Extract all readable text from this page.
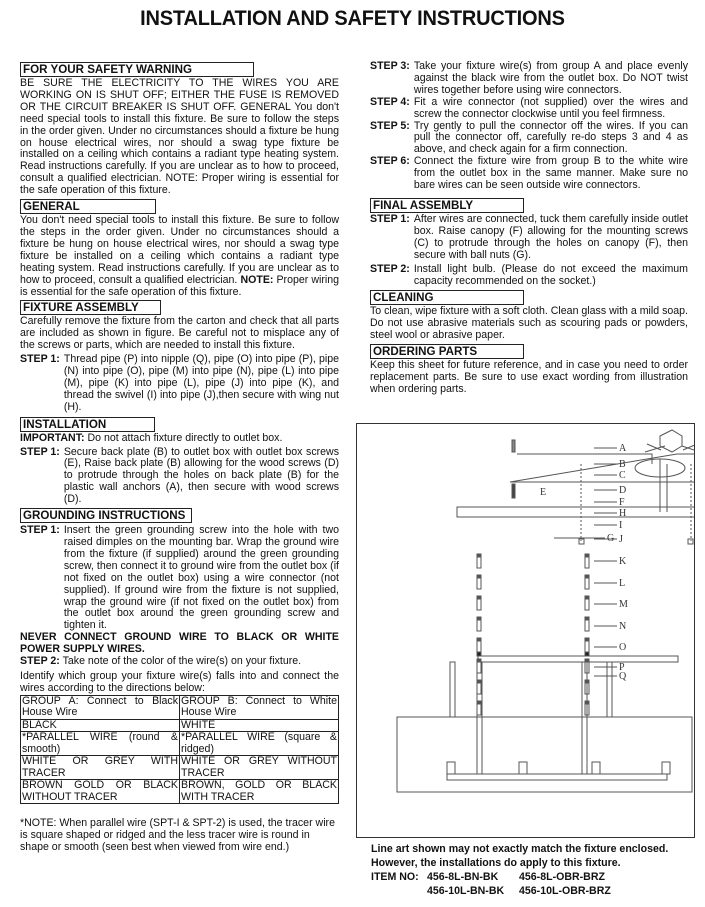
INSTALLATION AND SAFETY INSTRUCTIONS
FOR YOUR SAFETY WARNING

BE SURE THE ELECTRICITY TO THE WIRES YOU ARE WORKING ON IS SHUT OFF; EITHER THE FUSE IS REMOVED OR THE CIRCUIT BREAKER IS SHUT OFF. GENERAL You don't need special tools to install this fixture. Be sure to follow the steps in the order given. Under no circumstances should a fixture be hung on house electrical wires, nor should a swag type fixture be installed on a ceiling which contains a radiant type heating system. Read instructions carefully. If you are unclear as to how to proceed, consult a qualified electrician. NOTE: Proper wiring is essential for the safe operation of this fixture.

GENERAL

You don't need special tools to install this fixture. Be sure to follow the steps in the order given. Under no circumstances should a fixture be hung on house electrical wires, nor should a swag type fixture be installed on a ceiling which contains a radiant type heating system. Read instructions carefully. If you are unclear as to how to proceed, consult a qualified electrician. NOTE: Proper wiring is essential for the safe operation of this fixture.

FIXTURE ASSEMBLY

Carefully remove the fixture from the carton and check that all parts are included as shown in figure. Be careful not to misplace any of the screws or parts, which are needed to install this fixture.

STEP 1: Thread pipe (P) into nipple (Q), pipe (O) into pipe (P), pipe (N) into pipe (O), pipe (M) into pipe (N), pipe (L) into pipe (M), pipe (K) into pipe (L), pipe (J) into pipe (K), and thread the swivel (I) into pipe (J),then secure with wing nut (H).
INSTALLATION

IMPORTANT: Do not attach fixture directly to outlet box.

STEP 1: Secure back plate (B) to outlet box with outlet box screws (E), Raise back plate (B) allowing for the wood screws (D) to protrude through the holes on back plate (B) for the plastic wall anchors (A), then secure with wood screws (D).
GROUNDING INSTRUCTIONS
STEP 1: Insert the green grounding screw into the hole with two raised dimples on the mounting bar. Wrap the ground wire from the fixture (if supplied) around the green grounding screw, then connect it to ground wire from the outlet box (if not fixed on the outlet box) using a wire connector (not supplied). If ground wire from the fixture is not supplied, wrap the ground wire (if not fixed on the outlet box) from the outlet box around the green grounding screw and tighten it.

NEVER CONNECT GROUND WIRE TO BLACK OR WHITE POWER SUPPLY WIRES.

STEP 2: Take note of the color of the wire(s) on your fixture.

Identify which group your fixture wire(s) falls into and connect the wires according to the directions below:

GROUP A: Connect to Black House Wire	GROUP B: Connect to White House Wire
BLACK	WHITE
*PARALLEL WIRE (round & smooth)	*PARALLEL WIRE (square & ridged)
WHITE OR GREY WITH TRACER	WHITE OR GREY WITHOUT TRACER
BROWN GOLD OR BLACK WITHOUT TRACER	BROWN, GOLD OR BLACK WITH TRACER

*NOTE: When parallel wire (SPT-I & SPT-2) is used, the tracer wire is square shaped or ridged and the less tracer wire is round in shape or smooth (seen best when viewed from wire end.)

STEP 3: Take your fixture wire(s) from group A and place evenly against the black wire from the outlet box. Do NOT twist wires together before using wire connectors.
STEP 4: Fit a wire connector (not supplied) over the wires and screw the connector clockwise until you feel firmness.
STEP 5: Try gently to pull the connector off the wires. If you can pull the connector off, carefully re-do steps 3 and 4 as above, and check again for a firm connection.
STEP 6: Connect the fixture wire from group B to the white wire from the outlet box in the same manner. Make sure no bare wires can be seen outside wire connectors.
FINAL ASSEMBLY
STEP 1: After wires are connected, tuck them carefully inside outlet box. Raise canopy (F) allowing for the mounting screws (C) to protrude through the holes on canopy (F), then secure with ball nuts (G).
STEP 2: Install light bulb. (Please do not exceed the maximum capacity recommended on the socket.)
CLEANING

To clean, wipe fixture with a soft cloth. Clean glass with a mild soap. Do not use abrasive materials such as scouring pads or powders, steel wool or abrasive paper.

ORDERING PARTS

Keep this sheet for future reference, and in case you need to order replacement parts. Be sure to use exact wording from illustration when ordering parts.

A
B
C
D
E
F
G
H
I
J
K
L
M
N
O
P
Q
Line art shown may not exactly match the fixture enclosed.
However, the installations do apply to this fixture.
ITEM NO: 456-8L-BN-BK	456-8L-OBR-BRZ
456-10L-BN-BK	456-10L-OBR-BRZ
